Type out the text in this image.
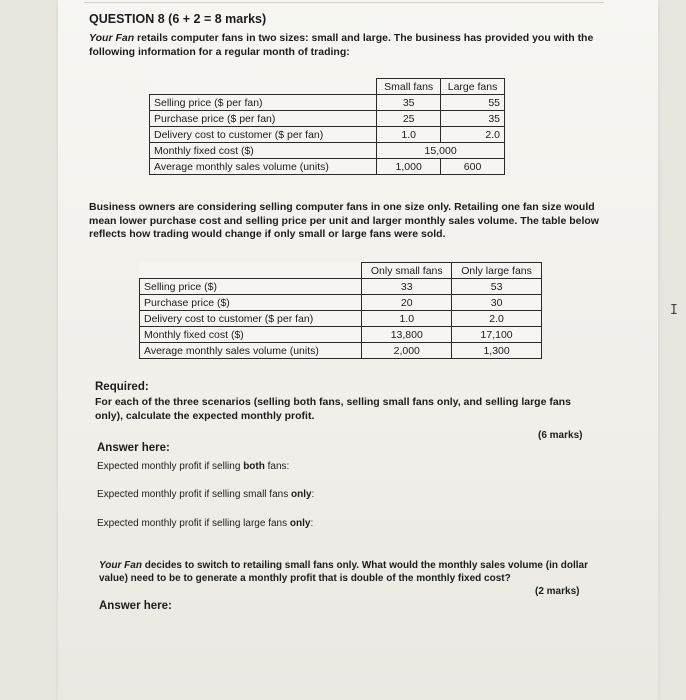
QUESTION 8 (6 + 2 = 8 marks)
Your Fan retails computer fans in two sizes: small and large. The business has provided you with the following information for a regular month of trading:
	Small fans	Large fans
Selling price ($ per fan)	35	55
Purchase price ($ per fan)	25	35
Delivery cost to customer ($ per fan)	1.0	2.0
Monthly fixed cost ($)	15,000	
Average monthly sales volume (units)	1,000	600
Business owners are considering selling computer fans in one size only. Retailing one fan size would mean lower purchase cost and selling price per unit and larger monthly sales volume. The table below reflects how trading would change if only small or large fans were sold.
	Only small fans	Only large fans
Selling price ($)	33	53
Purchase price ($)	20	30
Delivery cost to customer ($ per fan)	1.0	2.0
Monthly fixed cost ($)	13,800	17,100
Average monthly sales volume (units)	2,000	1,300
Required:
For each of the three scenarios (selling both fans, selling small fans only, and selling large fans only), calculate the expected monthly profit.
(6 marks)
Answer here:
Expected monthly profit if selling both fans:
Expected monthly profit if selling small fans only:
Expected monthly profit if selling large fans only:
Your Fan decides to switch to retailing small fans only. What would the monthly sales volume (in dollar value) need to be to generate a monthly profit that is double of the monthly fixed cost?
(2 marks)
Answer here:
I
